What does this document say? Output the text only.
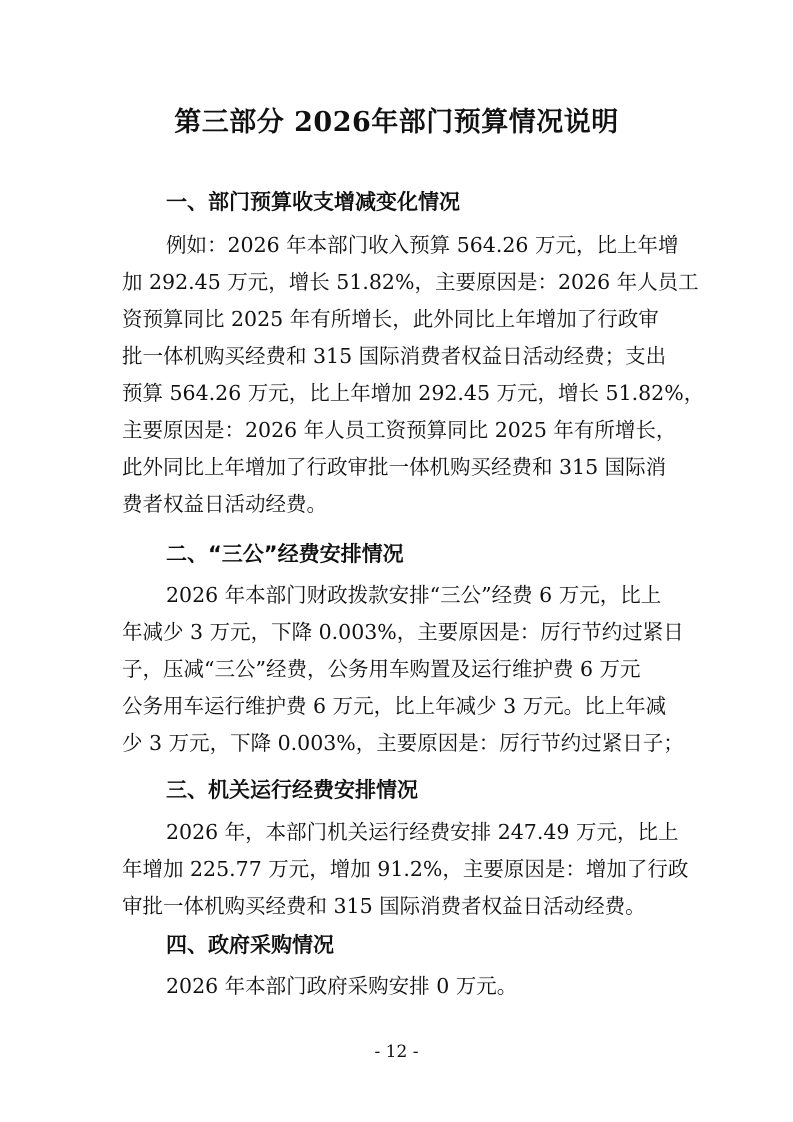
第三部分 2026年部门预算情况说明
一、部门预算收支增减变化情况
例如：2026 年本部门收入预算 564.26 万元，比上年增
加 292.45 万元，增长 51.82%，主要原因是：2026 年人员工
资预算同比 2025 年有所增长，此外同比上年增加了行政审
批一体机购买经费和 315 国际消费者权益日活动经费；支出
预算 564.26 万元，比上年增加 292.45 万元，增长 51.82%，
主要原因是：2026 年人员工资预算同比 2025 年有所增长，
此外同比上年增加了行政审批一体机购买经费和 315 国际消
费者权益日活动经费。
二、“三公”经费安排情况
2026 年本部门财政拨款安排“三公”经费 6 万元，比上
年减少 3 万元，下降 0.003%，主要原因是：厉行节约过紧日
子，压减“三公”经费，公务用车购置及运行维护费 6 万元
公务用车运行维护费 6 万元，比上年减少 3 万元。比上年减
少 3 万元，下降 0.003%，主要原因是：厉行节约过紧日子；
三、机关运行经费安排情况
2026 年，本部门机关运行经费安排 247.49 万元，比上
年增加 225.77 万元，增加 91.2%，主要原因是：增加了行政
审批一体机购买经费和 315 国际消费者权益日活动经费。
四、政府采购情况
2026 年本部门政府采购安排 0 万元。
- 12 -
